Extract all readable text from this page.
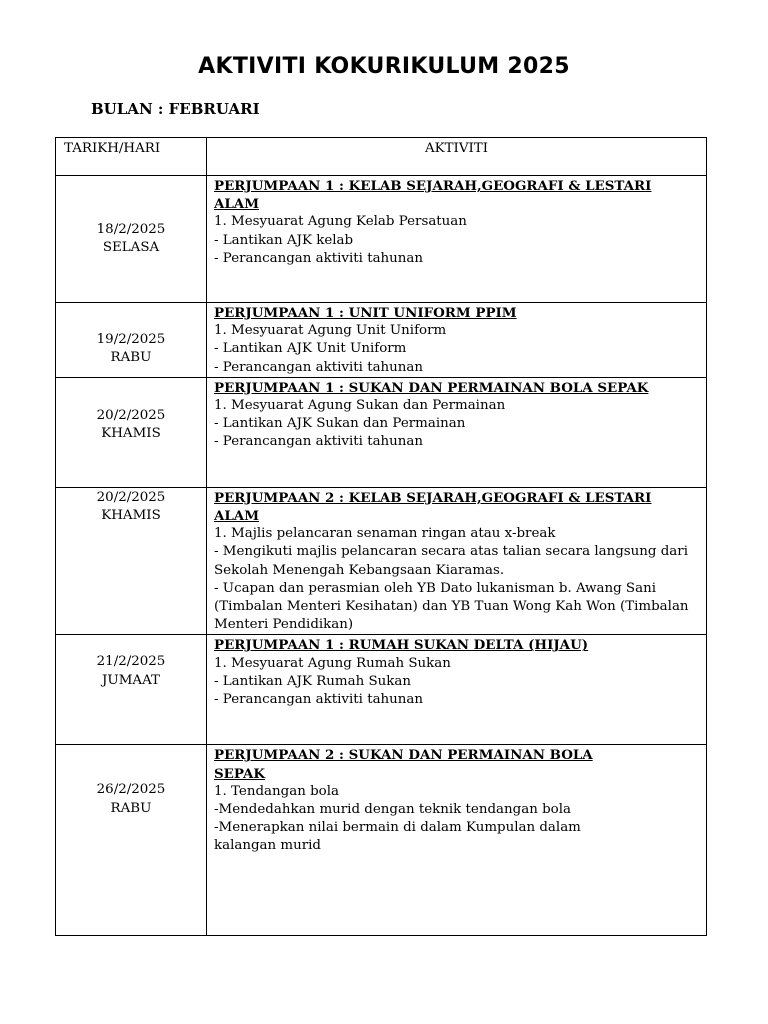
AKTIVITI KOKURIKULUM 2025
BULAN : FEBRUARI
TARIKH/HARI	AKTIVITI

18/2/2025
SELASA	PERJUMPAAN 1 : KELAB SEJARAH,GEOGRAFI & LESTARI ALAM
1. Mesyuarat Agung Kelab Persatuan
- Lantikan AJK kelab
- Perancangan aktiviti tahunan

19/2/2025
RABU	PERJUMPAAN 1 : UNIT UNIFORM PPIM
1. Mesyuarat Agung Unit Uniform
- Lantikan AJK Unit Uniform
- Perancangan aktiviti tahunan

20/2/2025
KHAMIS	PERJUMPAAN 1 : SUKAN DAN PERMAINAN BOLA SEPAK
1. Mesyuarat Agung Sukan dan Permainan
- Lantikan AJK Sukan dan Permainan
- Perancangan aktiviti tahunan

20/2/2025
KHAMIS	PERJUMPAAN 2 : KELAB SEJARAH,GEOGRAFI & LESTARI ALAM
1. Majlis pelancaran senaman ringan atau x-break
- Mengikuti majlis pelancaran secara atas talian secara langsung dari Sekolah Menengah Kebangsaan Kiaramas.
- Ucapan dan perasmian oleh YB Dato lukanisman b. Awang Sani (Timbalan Menteri Kesihatan) dan YB Tuan Wong Kah Won (Timbalan Menteri Pendidikan)

21/2/2025
JUMAAT	PERJUMPAAN 1 : RUMAH SUKAN DELTA (HIJAU)
1. Mesyuarat Agung Rumah Sukan
- Lantikan AJK Rumah Sukan
- Perancangan aktiviti tahunan

26/2/2025
RABU	PERJUMPAAN 2 : SUKAN DAN PERMAINAN BOLA SEPAK
1. Tendangan bola
-Mendedahkan murid dengan teknik tendangan bola
-Menerapkan nilai bermain di dalam Kumpulan dalam kalangan murid
